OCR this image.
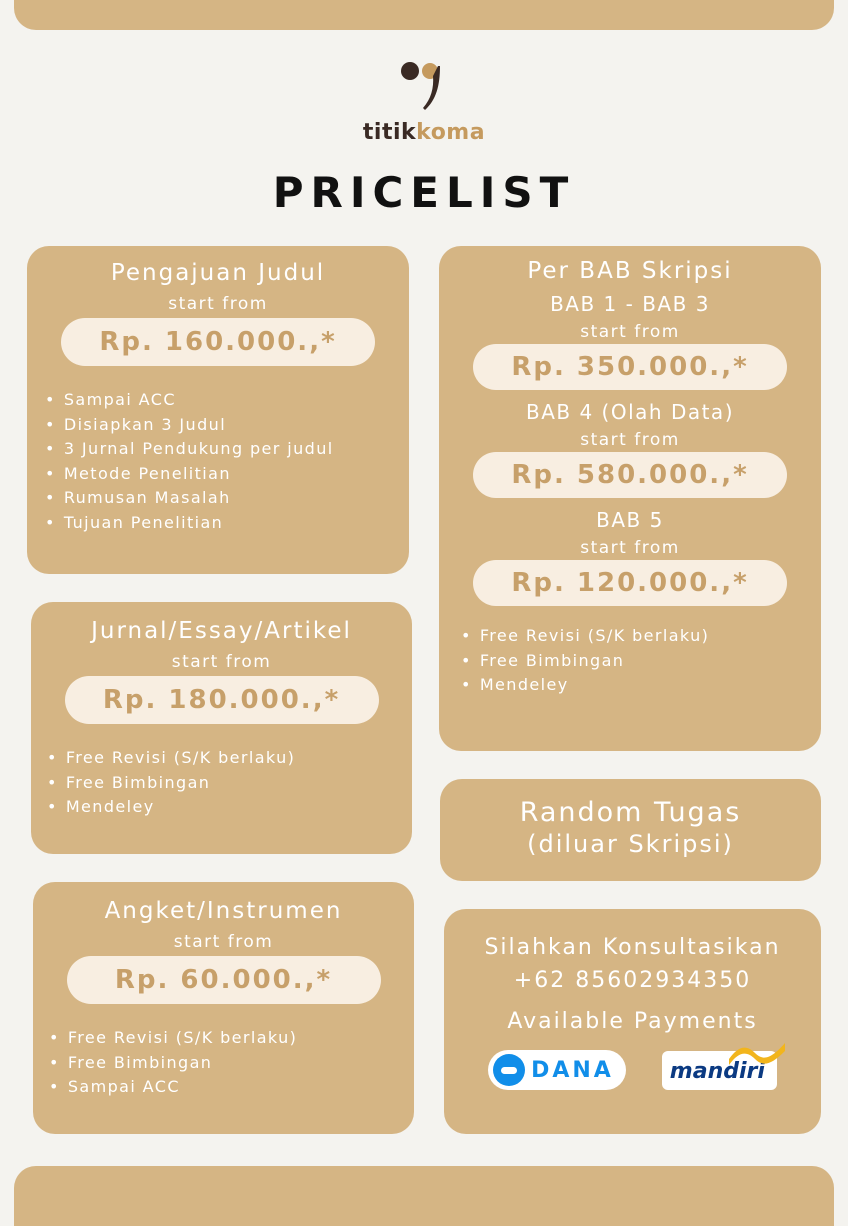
titikkoma
PRICELIST
Pengajuan Judul
start from
Rp. 160.000.,*
• Sampai ACC
• Disiapkan 3 Judul
• 3 Jurnal Pendukung per judul
• Metode Penelitian
• Rumusan Masalah
• Tujuan Penelitian
Jurnal/Essay/Artikel
start from
Rp. 180.000.,*
• Free Revisi (S/K berlaku)
• Free Bimbingan
• Mendeley
Angket/Instrumen
start from
Rp. 60.000.,*
• Free Revisi (S/K berlaku)
• Free Bimbingan
• Sampai ACC
Per BAB Skripsi
BAB 1 - BAB 3
start from
Rp. 350.000.,*
BAB 4 (Olah Data)
start from
Rp. 580.000.,*
BAB 5
start from
Rp. 120.000.,*
• Free Revisi (S/K berlaku)
• Free Bimbingan
• Mendeley
Random Tugas
(diluar Skripsi)
Silahkan Konsultasikan
+62 85602934350
Available Payments
DANA	mandiri
